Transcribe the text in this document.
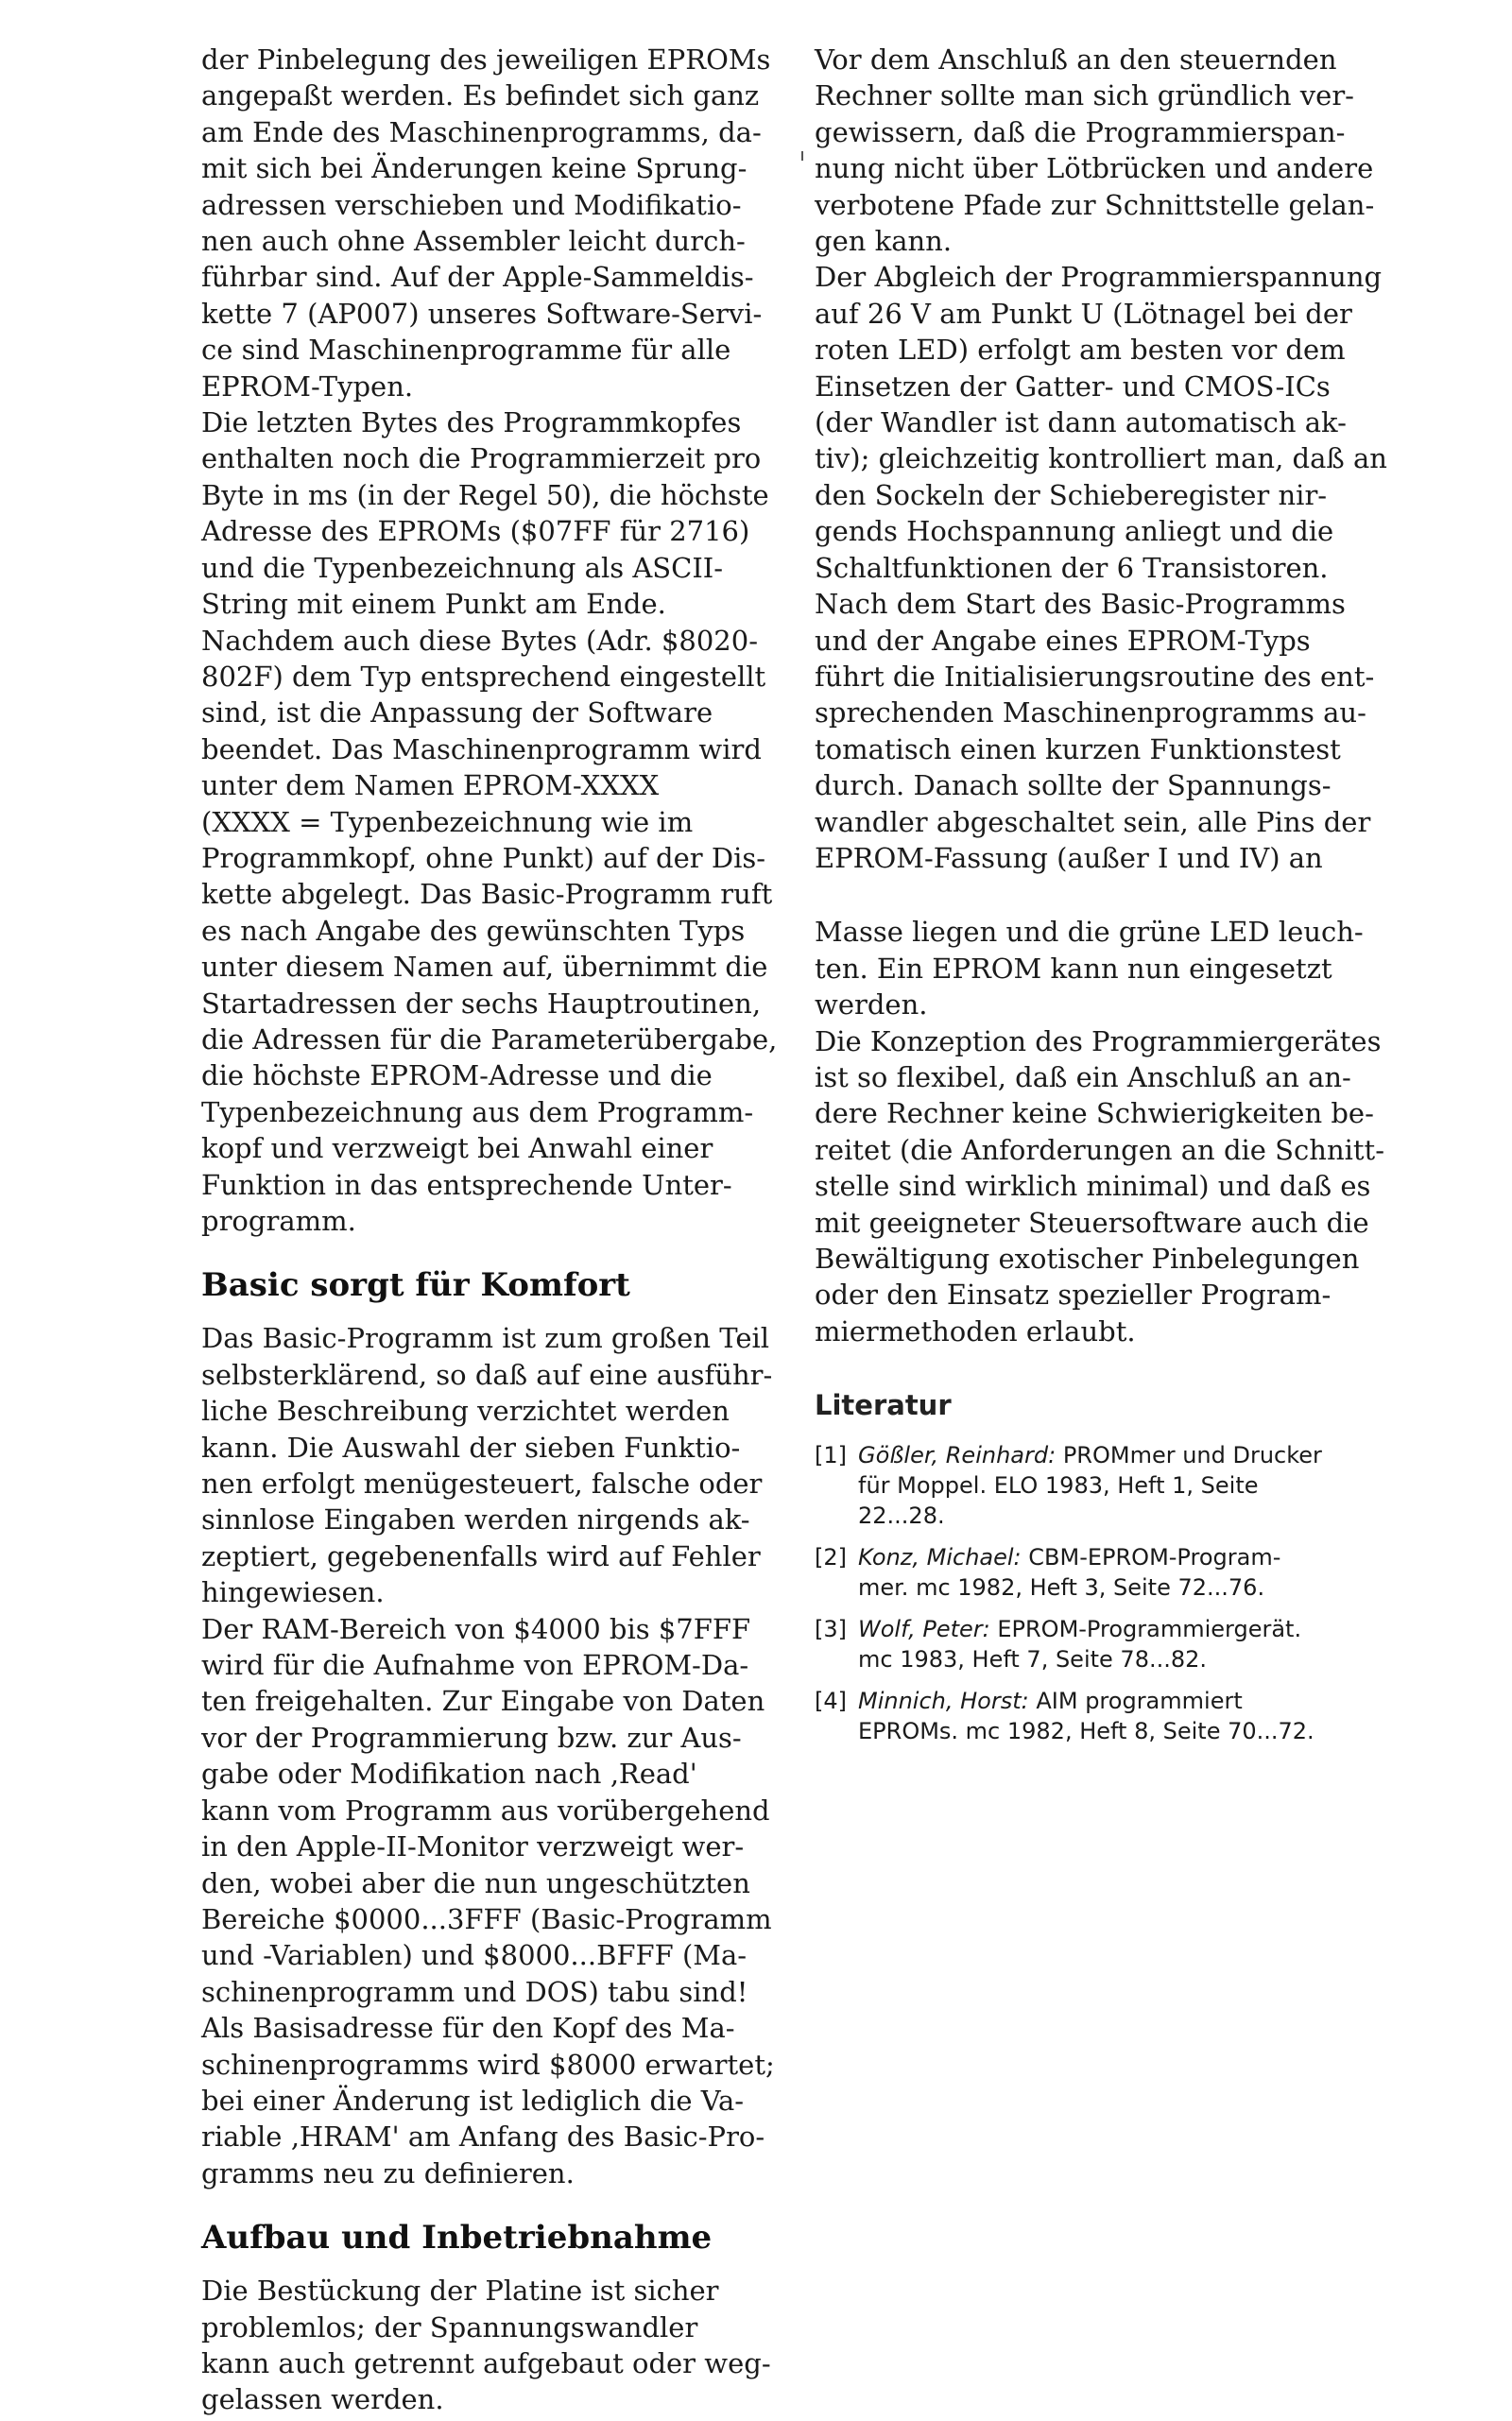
der Pinbelegung des jeweiligen EPROMs
angepaßt werden. Es befindet sich ganz
am Ende des Maschinenprogramms, da-
mit sich bei Änderungen keine Sprung-
adressen verschieben und Modifikatio-
nen auch ohne Assembler leicht durch-
führbar sind. Auf der Apple-Sammeldis-
kette 7 (AP007) unseres Software-Servi-
ce sind Maschinenprogramme für alle
EPROM-Typen.

Die letzten Bytes des Programmkopfes
enthalten noch die Programmierzeit pro
Byte in ms (in der Regel 50), die höchste
Adresse des EPROMs ($07FF für 2716)
und die Typenbezeichnung als ASCII-
String mit einem Punkt am Ende.

Nachdem auch diese Bytes (Adr. $8020-
802F) dem Typ entsprechend eingestellt
sind, ist die Anpassung der Software
beendet. Das Maschinenprogramm wird
unter dem Namen EPROM-XXXX
(XXXX = Typenbezeichnung wie im
Programmkopf, ohne Punkt) auf der Dis-
kette abgelegt. Das Basic-Programm ruft
es nach Angabe des gewünschten Typs
unter diesem Namen auf, übernimmt die
Startadressen der sechs Hauptroutinen,
die Adressen für die Parameterübergabe,
die höchste EPROM-Adresse und die
Typenbezeichnung aus dem Programm-
kopf und verzweigt bei Anwahl einer
Funktion in das entsprechende Unter-
programm.

Basic sorgt für Komfort

Das Basic-Programm ist zum großen Teil
selbsterklärend, so daß auf eine ausführ-
liche Beschreibung verzichtet werden
kann. Die Auswahl der sieben Funktio-
nen erfolgt menügesteuert, falsche oder
sinnlose Eingaben werden nirgends ak-
zeptiert, gegebenenfalls wird auf Fehler
hingewiesen.

Der RAM-Bereich von $4000 bis $7FFF
wird für die Aufnahme von EPROM-Da-
ten freigehalten. Zur Eingabe von Daten
vor der Programmierung bzw. zur Aus-
gabe oder Modifikation nach ‚Read'
kann vom Programm aus vorübergehend
in den Apple-II-Monitor verzweigt wer-
den, wobei aber die nun ungeschützten
Bereiche $0000...3FFF (Basic-Programm
und -Variablen) und $8000...BFFF (Ma-
schinenprogramm und DOS) tabu sind!
Als Basisadresse für den Kopf des Ma-
schinenprogramms wird $8000 erwartet;
bei einer Änderung ist lediglich die Va-
riable ‚HRAM' am Anfang des Basic-Pro-
gramms neu zu definieren.

Aufbau und Inbetriebnahme

Die Bestückung der Platine ist sicher
problemlos; der Spannungswandler
kann auch getrennt aufgebaut oder weg-
gelassen werden.

Vor dem Anschluß an den steuernden
Rechner sollte man sich gründlich ver-
gewissern, daß die Programmierspan-
nung nicht über Lötbrücken und andere
verbotene Pfade zur Schnittstelle gelan-
gen kann.

Der Abgleich der Programmierspannung
auf 26 V am Punkt U (Lötnagel bei der
roten LED) erfolgt am besten vor dem
Einsetzen der Gatter- und CMOS-ICs
(der Wandler ist dann automatisch ak-
tiv); gleichzeitig kontrolliert man, daß an
den Sockeln der Schieberegister nir-
gends Hochspannung anliegt und die
Schaltfunktionen der 6 Transistoren.

Nach dem Start des Basic-Programms
und der Angabe eines EPROM-Typs
führt die Initialisierungsroutine des ent-
sprechenden Maschinenprogramms au-
tomatisch einen kurzen Funktionstest
durch. Danach sollte der Spannungs-
wandler abgeschaltet sein, alle Pins der
EPROM-Fassung (außer I und IV) an

Masse liegen und die grüne LED leuch-
ten. Ein EPROM kann nun eingesetzt
werden.

Die Konzeption des Programmiergerätes
ist so flexibel, daß ein Anschluß an an-
dere Rechner keine Schwierigkeiten be-
reitet (die Anforderungen an die Schnitt-
stelle sind wirklich minimal) und daß es
mit geeigneter Steuersoftware auch die
Bewältigung exotischer Pinbelegungen
oder den Einsatz spezieller Program-
miermethoden erlaubt.

Literatur
[1] Gößler, Reinhard: PROMmer und Drucker
für Moppel. ELO 1983, Heft 1, Seite
22...28.
[2] Konz, Michael: CBM-EPROM-Program-
mer. mc 1982, Heft 3, Seite 72...76.
[3] Wolf, Peter: EPROM-Programmiergerät.
mc 1983, Heft 7, Seite 78...82.
[4] Minnich, Horst: AIM programmiert
EPROMs. mc 1982, Heft 8, Seite 70...72.
